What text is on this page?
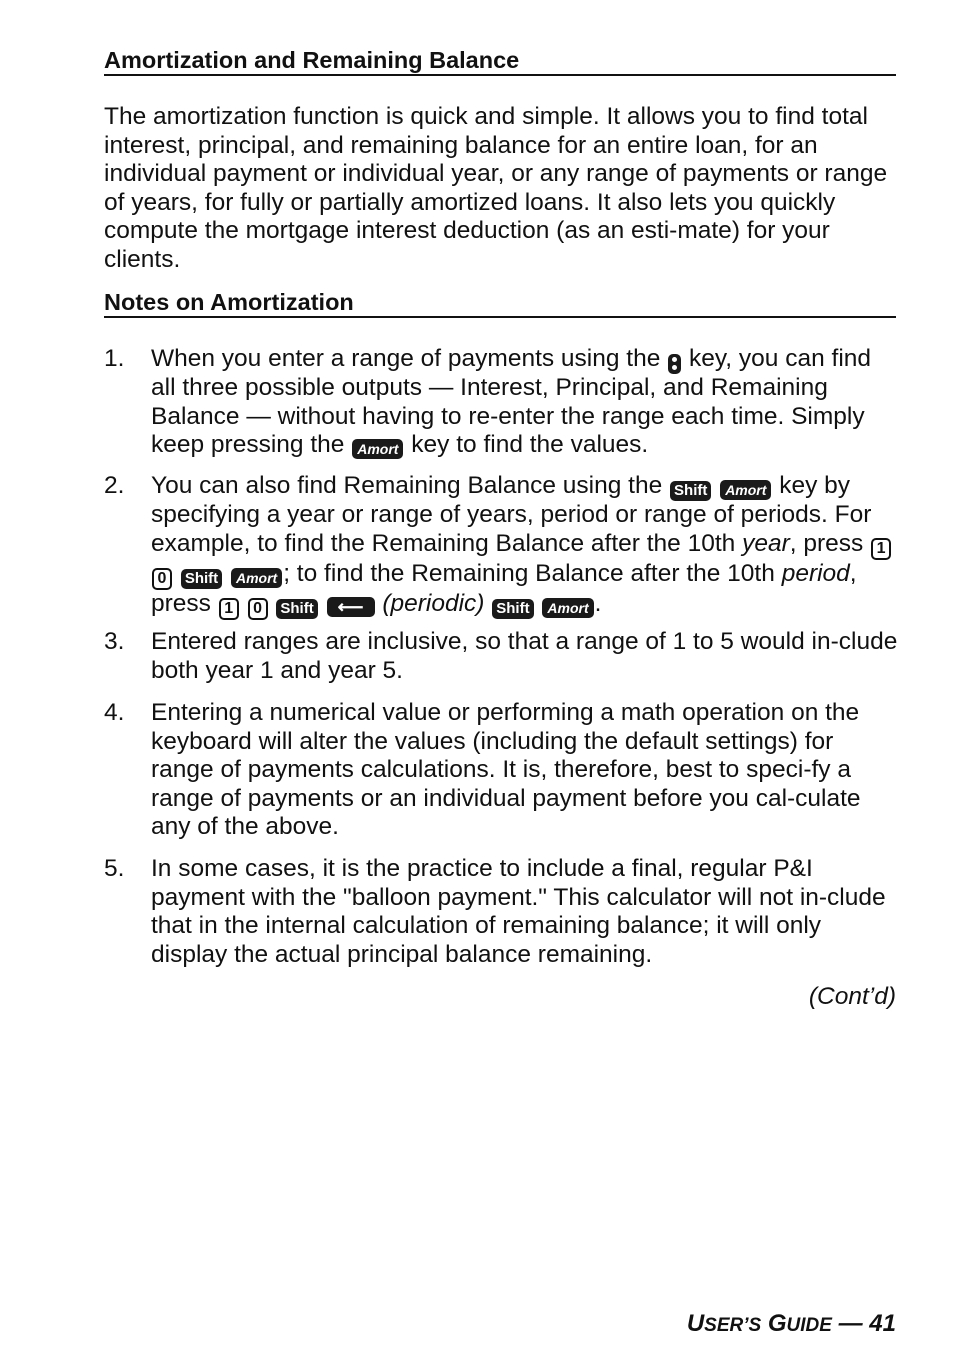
Amortization and Remaining Balance
The amortization function is quick and simple. It allows you to find total interest, principal, and remaining balance for an entire loan, for an individual payment or individual year, or any range of payments or range of years, for fully or partially amortized loans. It also lets you quickly compute the mortgage interest deduction (as an esti-mate) for your clients.
Notes on Amortization
1. When you enter a range of payments using the key, you can find all three possible outputs — Interest, Principal, and Remaining Balance — without having to re-enter the range each time. Simply keep pressing the Amort key to find the values.
2. You can also find Remaining Balance using the Shift Amort key by specifying a year or range of years, period or range of periods. For example, to find the Remaining Balance after the 10th year, press 1 0 Shift Amort ; to find the Remaining Balance after the 10th period, press 1 0 Shift ⟵ (periodic) Shift Amort .
3. Entered ranges are inclusive, so that a range of 1 to 5 would in-clude both year 1 and year 5.
4. Entering a numerical value or performing a math operation on the keyboard will alter the values (including the default settings) for range of payments calculations. It is, therefore, best to speci-fy a range of payments or an individual payment before you cal-culate any of the above.
5. In some cases, it is the practice to include a final, regular P&I payment with the "balloon payment." This calculator will not in-clude that in the internal calculation of remaining balance; it will only display the actual principal balance remaining.
(Cont’d)
USER’S GUIDE — 41
